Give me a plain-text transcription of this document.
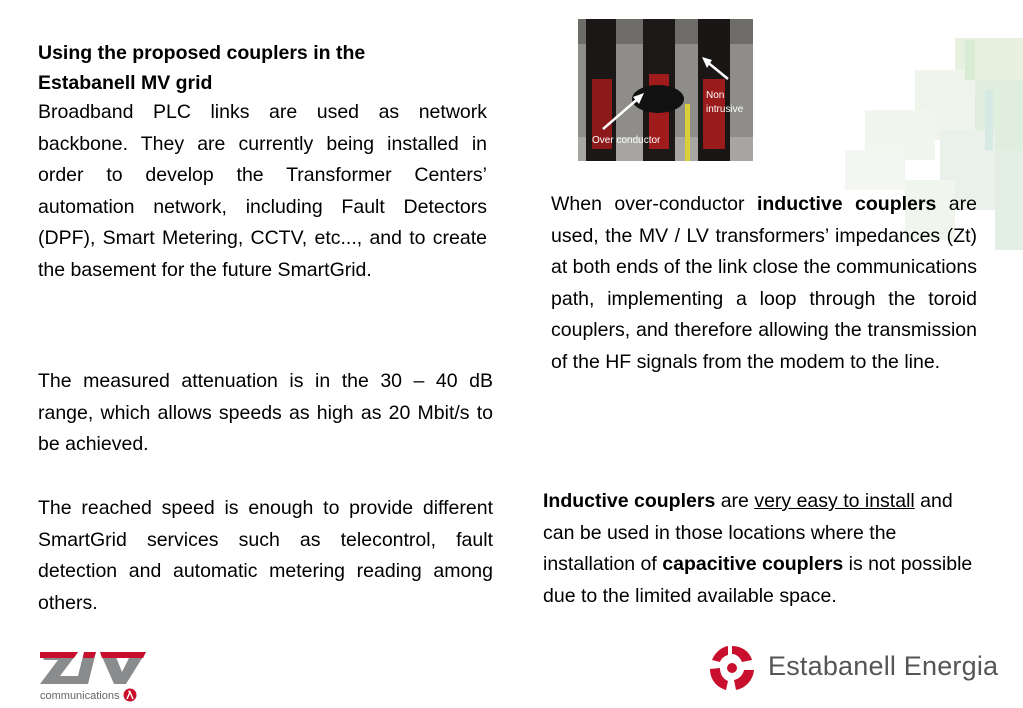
Using the proposed couplers in the
Estabanell MV grid
Broadband PLC links are used as network backbone. They are currently being installed in order to develop the Transformer Centers’ automation network, including Fault Detectors (DPF), Smart Metering, CCTV, etc..., and to create the basement for the future SmartGrid.
The measured attenuation is in the 30 – 40 dB range, which allows speeds as high as 20 Mbit/s to be achieved.
The reached speed is enough to provide different SmartGrid services such as telecontrol, fault detection and automatic metering reading among others.
Non
intrusive
Over conductor
When over-conductor inductive couplers are used, the MV / LV transformers’ impedances (Zt) at both ends of the link close the communications path, implementing a loop through the toroid couplers, and therefore allowing the transmission of the HF signals from the modem to the line.
Inductive couplers are very easy to install and can be used in those locations where the installation of capacitive couplers is not possible due to the limited available space.
communications
Estabanell Energia
